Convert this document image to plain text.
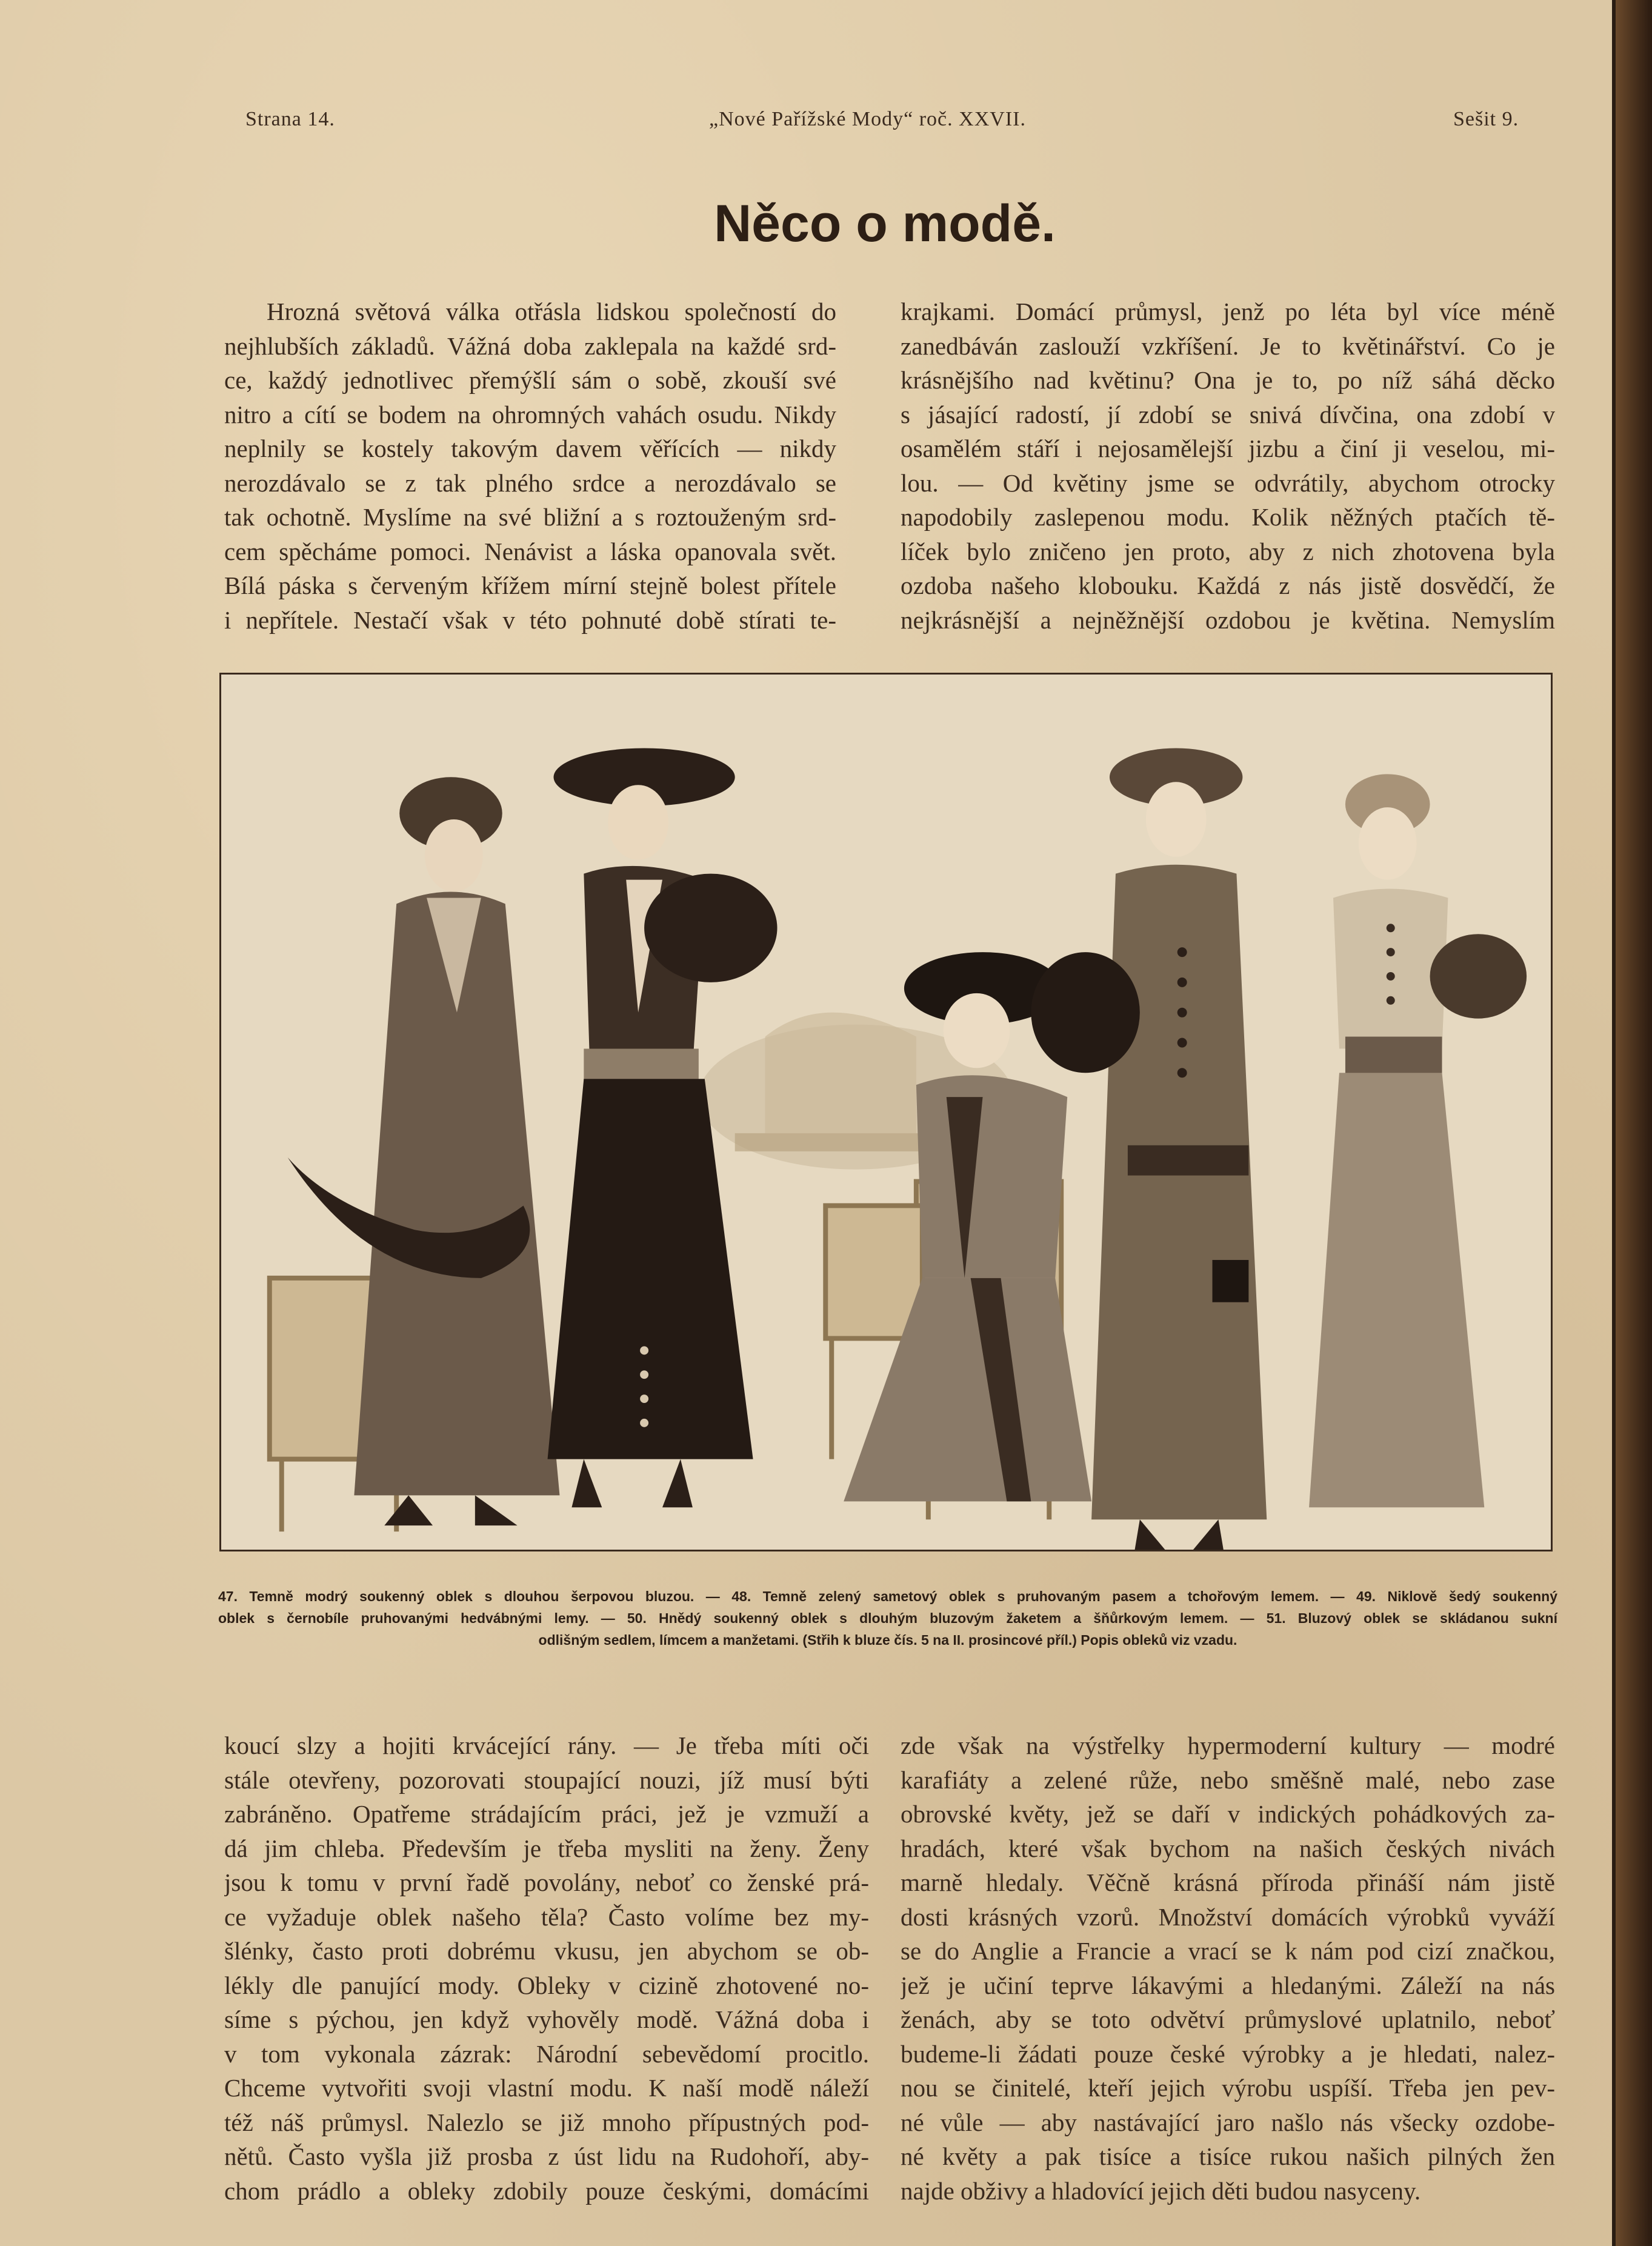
Strana 14.	„Nové Pařížské Mody“ roč. XXVII.	Sešit 9.
Něco o modě.
Hrozná světová válka otřásla lidskou společností do
nejhlubších základů. Vážná doba zaklepala na každé srd-
ce, každý jednotlivec přemýšlí sám o sobě, zkouší své
nitro a cítí se bodem na ohromných vahách osudu. Nikdy
neplnily se kostely takovým davem věřících — nikdy
nerozdávalo se z tak plného srdce a nerozdávalo se
tak ochotně. Myslíme na své bližní a s roztouženým srd-
cem spěcháme pomoci. Nenávist a láska opanovala svět.
Bílá páska s červeným křížem mírní stejně bolest přítele
i nepřítele. Nestačí však v této pohnuté době stírati te-
krajkami. Domácí průmysl, jenž po léta byl více méně
zanedbáván zaslouží vzkříšení. Je to květinářství. Co je
krásnějšího nad květinu? Ona je to, po níž sáhá děcko
s jásající radostí, jí zdobí se snivá dívčina, ona zdobí v
osamělém stáří i nejosamělejší jizbu a činí ji veselou, mi-
lou. — Od květiny jsme se odvrátily, abychom otrocky
napodobily zaslepenou modu. Kolik něžných ptačích tě-
líček bylo zničeno jen proto, aby z nich zhotovena byla
ozdoba našeho klobouku. Každá z nás jistě dosvědčí, že
nejkrásnější a nejněžnější ozdobou je květina. Nemyslím
47. Temně modrý soukenný oblek s dlouhou šerpovou bluzou. — 48. Temně zelený sametový oblek s pruhovaným pasem a tchořovým lemem. — 49. Niklově šedý soukenný
oblek s černobíle pruhovanými hedvábnými lemy. — 50. Hnědý soukenný oblek s dlouhým bluzovým žaketem a šňůrkovým lemem. — 51. Bluzový oblek se skládanou sukní
odlišným sedlem, límcem a manžetami. (Střih k bluze čís. 5 na II. prosincové příl.) Popis obleků viz vzadu.
koucí slzy a hojiti krvácející rány. — Je třeba míti oči
stále otevřeny, pozorovati stoupající nouzi, jíž musí býti
zabráněno. Opatřeme strádajícím práci, jež je vzmuží a
dá jim chleba. Především je třeba mysliti na ženy. Ženy
jsou k tomu v první řadě povolány, neboť co ženské prá-
ce vyžaduje oblek našeho těla? Často volíme bez my-
šlénky, často proti dobrému vkusu, jen abychom se ob-
lékly dle panující mody. Obleky v cizině zhotovené no-
síme s pýchou, jen když vyhověly modě. Vážná doba i
v tom vykonala zázrak: Národní sebevědomí procitlo.
Chceme vytvořiti svoji vlastní modu. K naší modě náleží
též náš průmysl. Nalezlo se již mnoho přípustných pod-
nětů. Často vyšla již prosba z úst lidu na Rudohoří, aby-
chom prádlo a obleky zdobily pouze českými, domácími
zde však na výstřelky hypermoderní kultury — modré
karafiáty a zelené růže, nebo směšně malé, nebo zase
obrovské květy, jež se daří v indických pohádkových za-
hradách, které však bychom na našich českých nivách
marně hledaly. Věčně krásná příroda přináší nám jistě
dosti krásných vzorů. Množství domácích výrobků vyváží
se do Anglie a Francie a vrací se k nám pod cizí značkou,
jež je učiní teprve lákavými a hledanými. Záleží na nás
ženách, aby se toto odvětví průmyslové uplatnilo, neboť
budeme-li žádati pouze české výrobky a je hledati, nalez-
nou se činitelé, kteří jejich výrobu uspíší. Třeba jen pev-
né vůle — aby nastávající jaro našlo nás všecky ozdobe-
né květy a pak tisíce a tisíce rukou našich pilných žen
najde obživy a hladovící jejich děti budou nasyceny.
